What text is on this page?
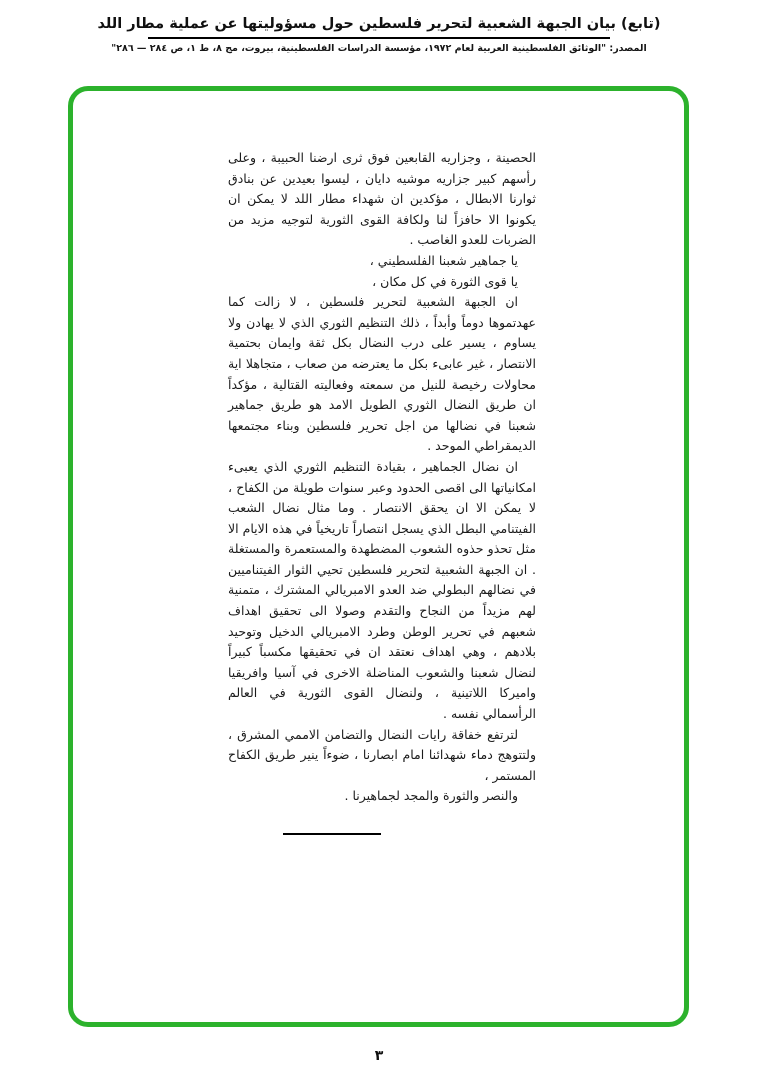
(تابع) بيان الجبهة الشعبية لتحرير فلسطين حول مسؤوليتها عن عملية مطار اللد
المصدر: "الوثائق الفلسطينية العربية لعام ١٩٧٢، مؤسسة الدراسات الفلسطينية، بيروت، مج ٨، ط ١، ص ٢٨٤ — ٢٨٦"

الحصينة ، وجزاريه القابعين فوق ثرى ارضنا الحبيبة ، وعلى رأسهم كبير جزاريه موشيه دايان ، ليسوا بعيدين عن بنادق ثوارنا الابطال ، مؤكدين ان شهداء مطار اللد لا يمكن ان يكونوا الا حافزاً لنا ولكافة القوى الثورية لتوجيه مزيد من الضربات للعدو الغاصب .

يا جماهير شعبنا الفلسطيني ،

يا قوى الثورة في كل مكان ،

ان الجبهة الشعبية لتحرير فلسطين ، لا زالت كما عهدتموها دوماً وأبداً ، ذلك التنظيم الثوري الذي لا يهادن ولا يساوم ، يسير على درب النضال بكل ثقة وايمان بحتمية الانتصار ، غير عابىء بكل ما يعترضه من صعاب ، متجاهلا اية محاولات رخيصة للنيل من سمعته وفعاليته القتالية ، مؤكداً ان طريق النضال الثوري الطويل الامد هو طريق جماهير شعبنا في نضالها من اجل تحرير فلسطين وبناء مجتمعها الديمقراطي الموحد .

ان نضال الجماهير ، بقيادة التنظيم الثوري الذي يعبىء امكانياتها الى اقصى الحدود وعبر سنوات طويلة من الكفاح ، لا يمكن الا ان يحقق الانتصار . وما مثال نضال الشعب الفيتنامي البطل الذي يسجل انتصاراً تاريخياً في هذه الايام الا مثل تحذو حذوه الشعوب المضطهدة والمستعمرة والمستغلة . ان الجبهة الشعبية لتحرير فلسطين تحيي الثوار الفيتناميين في نضالهم البطولي ضد العدو الامبريالي المشترك ، متمنية لهم مزيداً من النجاح والتقدم وصولا الى تحقيق اهداف شعبهم في تحرير الوطن وطرد الامبريالي الدخيل وتوحيد بلادهم ، وهي اهداف نعتقد ان في تحقيقها مكسباً كبيراً لنضال شعبنا والشعوب المناضلة الاخرى في آسيا وافريقيا واميركا اللاتينية ، ولنضال القوى الثورية في العالم الرأسمالي نفسه .

لترتفع خفاقة رايات النضال والتضامن الاممي المشرق ، ولتتوهج دماء شهدائنا امام ابصارنا ، ضوءاً ينير طريق الكفاح المستمر ،

والنصر والثورة والمجد لجماهيرنا .

٣
